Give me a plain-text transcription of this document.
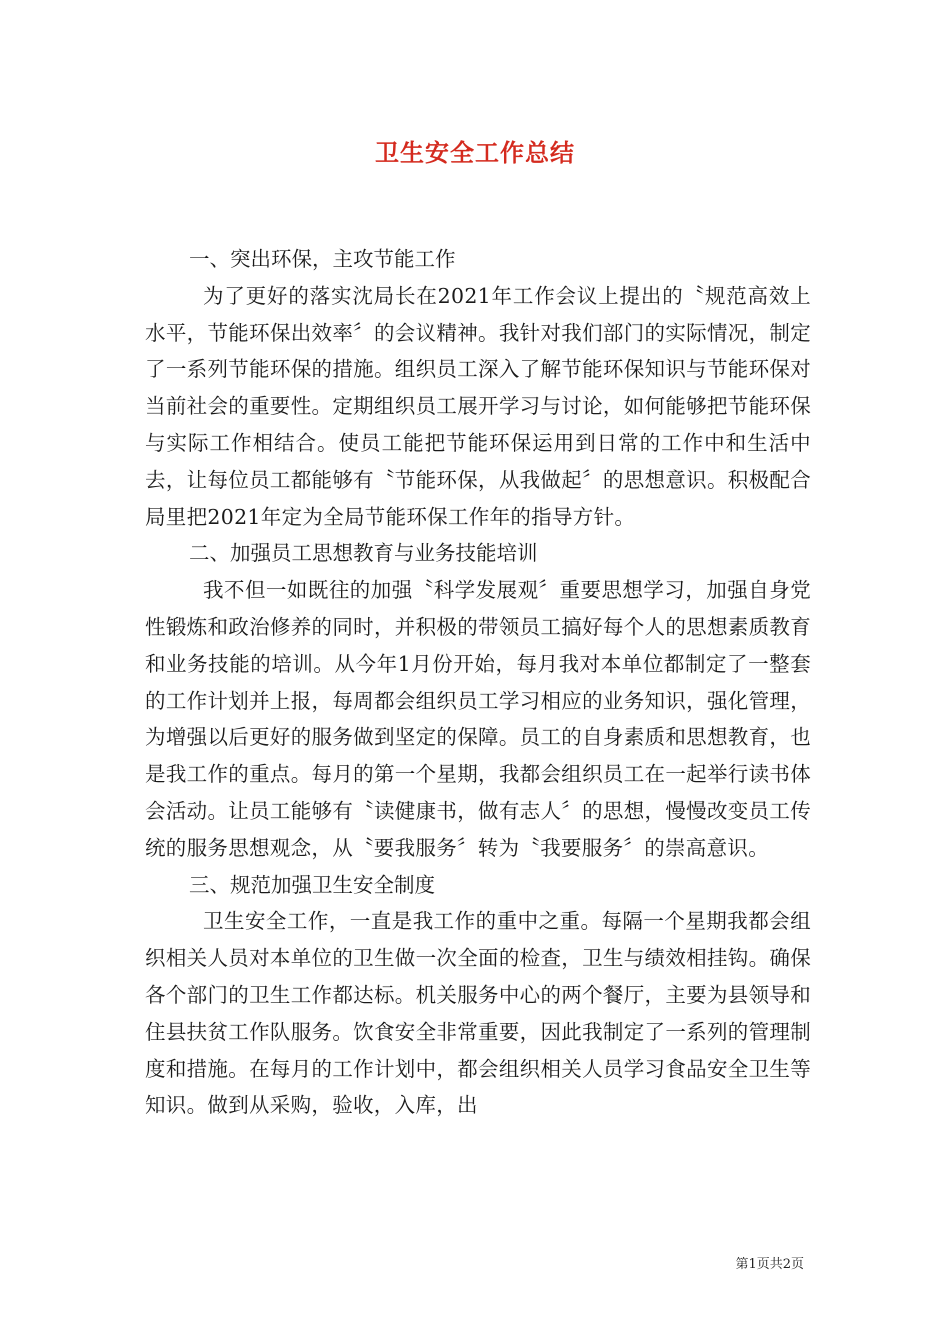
卫生安全工作总结

一、突出环保，主攻节能工作

为了更好的落实沈局长在2021年工作会议上提出的〝规范高效上水平，节能环保出效率〞的会议精神。我针对我们部门的实际情况，制定了一系列节能环保的措施。组织员工深入了解节能环保知识与节能环保对当前社会的重要性。定期组织员工展开学习与讨论，如何能够把节能环保与实际工作相结合。使员工能把节能环保运用到日常的工作中和生活中去，让每位员工都能够有〝节能环保，从我做起〞的思想意识。积极配合局里把2021年定为全局节能环保工作年的指导方针。

二、加强员工思想教育与业务技能培训

我不但一如既往的加强〝科学发展观〞重要思想学习，加强自身党性锻炼和政治修养的同时，并积极的带领员工搞好每个人的思想素质教育和业务技能的培训。从今年1月份开始，每月我对本单位都制定了一整套的工作计划并上报，每周都会组织员工学习相应的业务知识，强化管理，为增强以后更好的服务做到坚定的保障。员工的自身素质和思想教育，也是我工作的重点。每月的第一个星期，我都会组织员工在一起举行读书体会活动。让员工能够有〝读健康书，做有志人〞的思想，慢慢改变员工传统的服务思想观念，从〝要我服务〞转为〝我要服务〞的崇高意识。

三、规范加强卫生安全制度

卫生安全工作，一直是我工作的重中之重。每隔一个星期我都会组织相关人员对本单位的卫生做一次全面的检查，卫生与绩效相挂钩。确保各个部门的卫生工作都达标。机关服务中心的两个餐厅，主要为县领导和住县扶贫工作队服务。饮食安全非常重要，因此我制定了一系列的管理制度和措施。在每月的工作计划中，都会组织相关人员学习食品安全卫生等知识。做到从采购，验收，入库，出

第1页共2页
